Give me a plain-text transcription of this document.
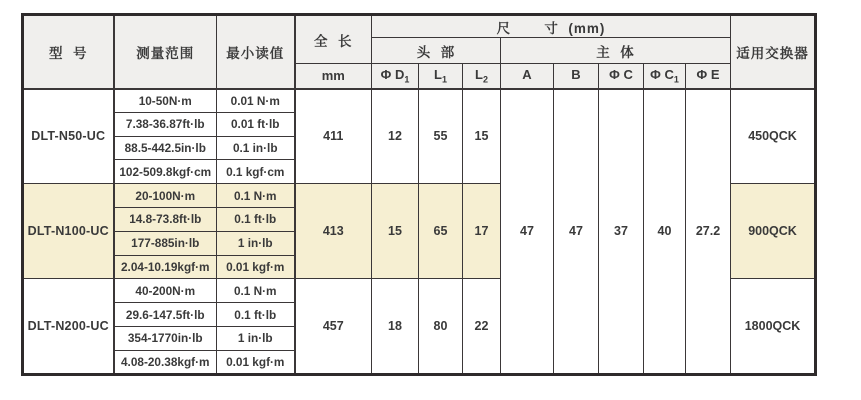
型  号	测量范围	最小读值	全  长	尺       寸  (mm)								适用交换器
				头  部			主  体					
			mm	Φ $D_1$	$L_1$	$L_2$	A	B	Φ C	Φ $C_1$	Φ E	
DLT-N50-UC	10-50N·m	0.01 N·m	411	12	55	15	47	47	37	40	27.2	450QCK
	7.38-36.87ft·lb	0.01 ft·lb										
	88.5-442.5in·lb	0.1 in·lb										
	102-509.8kgf·cm	0.1 kgf·cm										
DLT-N100-UC	20-100N·m	0.1 N·m	413	15	65	17						900QCK
	14.8-73.8ft·lb	0.1 ft·lb										
	177-885in·lb	1 in·lb										
	2.04-10.19kgf·m	0.01 kgf·m										
DLT-N200-UC	40-200N·m	0.1 N·m	457	18	80	22						1800QCK
	29.6-147.5ft·lb	0.1 ft·lb										
	354-1770in·lb	1 in·lb										
	4.08-20.38kgf·m	0.01 kgf·m										
